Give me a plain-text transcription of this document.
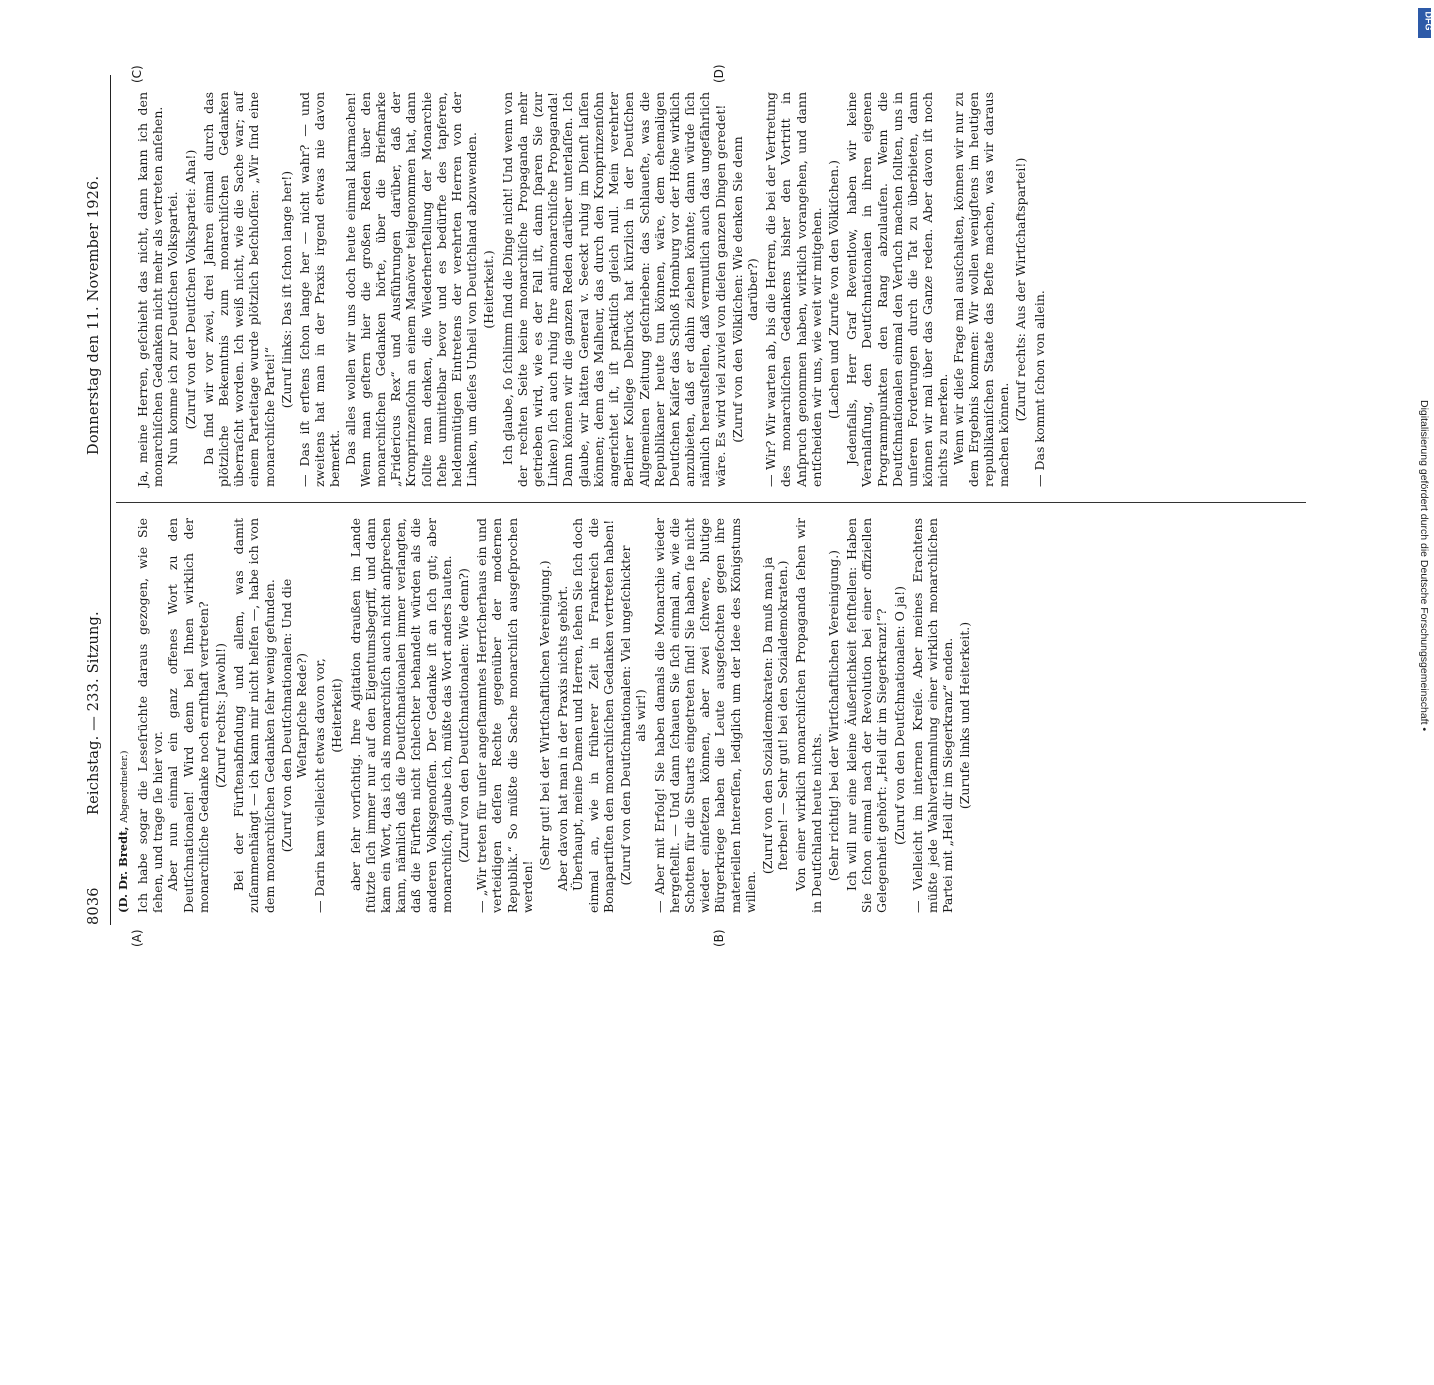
8036
Reichstag. — 233. Sitzung.
Donnerstag den 11. November 1926.
(D. Dr. Bredt, Abgeordneter.) Ich habe sogar die Leseſrüchte daraus gezogen, wie Sie ſehen, und trage ſie hier vor. Aber nun einmal ein ganz offenes Wort zu den Deutſchnationalen! Wird denn bei Ihnen wirklich der monarchiſche Gedanke noch ernſthaft vertreten? (Zuruf rechts: Jawohl!) Bei der Fürſtenabfindung und allem, was damit zuſammenhängt — ich kann mir nicht helfen —, habe ich von dem monarchiſchen Gedanken ſehr wenig gefunden. (Zuruf von den Deutſchnationalen: Und die Weſtarpſche Rede?) — Darin kam vielleicht etwas davon vor, (Heiterkeit) aber ſehr vorſichtig. Ihre Agitation draußen im Lande ſtützte ſich immer nur auf den Eigentumsbegriff, und dann kam ein Wort, das ich als monarchiſch auch nicht anſprechen kann, nämlich daß die Deutſchnationalen immer verlangten, daß die Fürſten nicht ſchlechter behandelt würden als die anderen Volksgenoſſen. Der Gedanke iſt an ſich gut; aber monarchiſch, glaube ich, müßte das Wort anders lauten. (Zuruf von den Deutſchnationalen: Wie denn?) — „Wir treten für unſer angeſtammtes Herrſcherhaus ein und verteidigen deſſen Rechte gegenüber der modernen Republik.“ So müßte die Sache monarchiſch ausgeſprochen werden!

(Sehr gut! bei der Wirtſchaftlichen Vereinigung.) Aber davon hat man in der Praxis nichts gehört. Überhaupt, meine Damen und Herren, ſehen Sie ſich doch einmal an, wie in früherer Zeit in Frankreich die Bonapartiſten den monarchiſchen Gedanken vertreten haben! (Zuruf von den Deutſchnationalen: Viel ungeſchickter als wir!) — Aber mit Erfolg! Sie haben damals die Monarchie wieder hergeſtellt. — Und dann ſchauen Sie ſich einmal an, wie die Schotten für die Stuarts eingetreten ſind! Sie haben ſie nicht wieder einſetzen können, aber zwei ſchwere, blutige Bürgerkriege haben die Leute ausgefochten gegen ihre materiellen Intereſſen, lediglich um der Idee des Königstums willen.

(Zuruf von den Sozialdemokraten: Da muß man ja ſterben! — Sehr gut! bei den Sozialdemokraten.) Von einer wirklich monarchiſchen Propaganda ſehen wir in Deutſchland heute nichts. (Sehr richtig! bei der Wirtſchaftlichen Vereinigung.) Ich will nur eine kleine Äußerlichkeit feſtſtellen: Haben Sie ſchon einmal nach der Revolution bei einer offiziellen Gelegenheit gehört: „Heil dir im Siegerkranz!“? (Zuruf von den Deutſchnationalen: O ja!) — Vielleicht im internen Kreiſe. Aber meines Erachtens müßte jede Wahlverſammlung einer wirklich monarchiſchen Partei mit „Heil dir im Siegerkranz“ enden. (Zurufe links und Heiterkeit.)

Ja, meine Herren, geſchieht das nicht, dann kann ich den monarchiſchen Gedanken nicht mehr als vertreten anſehen. Nun komme ich zur Deutſchen Volkspartei. (Zuruf von der Deutſchen Volkspartei: Aha!) Da ſind wir vor zwei, drei Jahren einmal durch das plötzliche Bekenntnis zum monarchiſchen Gedanken überraſcht worden. Ich weiß nicht, wie die Sache war; auf einem Parteitage wurde plötzlich beſchloſſen: „Wir ſind eine monarchiſche Partei!“

(Zuruf links: Das iſt ſchon lange her!) — Das iſt erſtens ſchon lange her — nicht wahr? — und zweitens hat man in der Praxis irgend etwas nie davon bemerkt. Das alles wollen wir uns doch heute einmal klarmachen! Wenn man geſtern hier die großen Reden über den monarchiſchen Gedanken hörte, über die Briefmarke „Fridericus Rex“ und Ausführungen darüber, daß der Kronprinzenſohn an einem Manöver teilgenommen hat, dann ſollte man denken, die Wiederherſtellung der Monarchie ſtehe unmittelbar bevor und es bedürfte des tapferen, heldenmütigen Eintretens der verehrten Herren von der Linken, um dieſes Unheil von Deutſchland abzuwenden. (Heiterkeit.) Ich glaube, ſo ſchlimm ſind die Dinge nicht! Und wenn von der rechten Seite keine monarchiſche Propaganda mehr getrieben wird, wie es der Fall iſt, dann ſparen Sie (zur Linken) ſich auch ruhig Ihre antimonarchiſche Propaganda! Dann können wir die ganzen Reden darüber unterlaſſen. Ich glaube, wir hätten General v. Seeckt ruhig im Dienſt laſſen können; denn das Malheur, das durch den Kronprinzenſohn angerichtet iſt, iſt praktiſch gleich null. Mein verehrter Berliner Kollege Delbrück hat kürzlich in der Deutſchen Allgemeinen Zeitung geſchrieben: das Schlaueſte, was die Republikaner heute tun können, wäre, dem ehemaligen Deutſchen Kaiſer das Schloß Homburg vor der Höhe wirklich anzubieten, daß er dahin ziehen könnte; dann würde ſich nämlich herausſtellen, daß vermutlich auch das ungefährlich wäre. Es wird viel zuviel von dieſen ganzen Dingen geredet! (Zuruf von den Völkiſchen: Wie denken Sie denn darüber?) — Wir? Wir warten ab, bis die Herren, die bei der Vertretung des monarchiſchen Gedankens bisher den Vortritt in Anſpruch genommen haben, wirklich vorangehen, und dann entſcheiden wir uns, wie weit wir mitgehen. (Lachen und Zurufe von den Völkiſchen.) Jedenfalls, Herr Graf Reventlow, haben wir keine Veranlaſſung, den Deutſchnationalen in ihren eigenen Programmpunkten den Rang abzulaufen. Wenn die Deutſchnationalen einmal den Verſuch machen ſollten, uns in unſeren Forderungen durch die Tat zu überbieten, dann können wir mal über das Ganze reden. Aber davon iſt noch nichts zu merken. Wenn wir dieſe Frage mal ausſchalten, können wir nur zu dem Ergebnis kommen: Wir wollen wenigſtens im heutigen republikaniſchen Staate das Beſte machen, was wir daraus machen können.

(Zuruf rechts: Aus der Wirtſchaftspartei!) — Das kommt ſchon von allein.

(A)	(B)
(C)	(D)
Digitalisierung gefördert durch die Deutsche Forschungsgemeinschaft •
DFG
